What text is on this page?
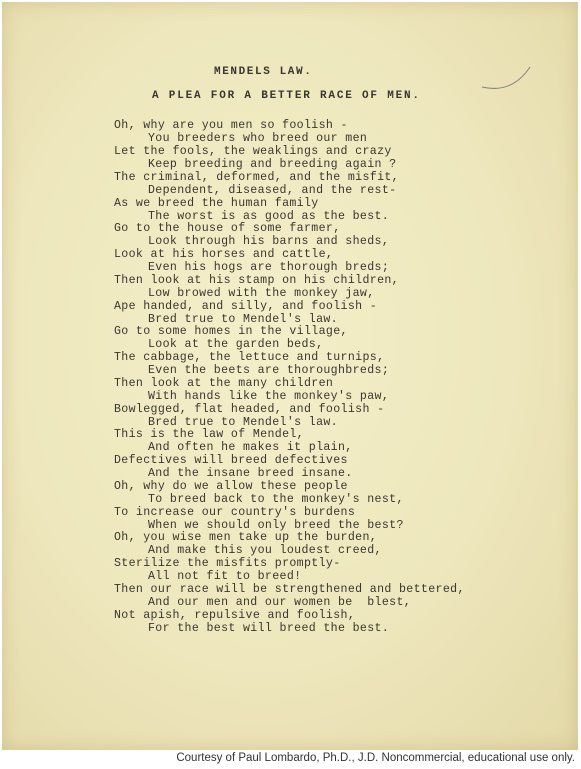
MENDELS LAW.
A PLEA FOR A BETTER RACE OF MEN.
Oh, why are you men so foolish -
You breeders who breed our men
Let the fools, the weaklings and crazy
Keep breeding and breeding again ?
The criminal, deformed, and the misfit,
Dependent, diseased, and the rest-
As we breed the human family
The worst is as good as the best.
Go to the house of some farmer,
Look through his barns and sheds,
Look at his horses and cattle,
Even his hogs are thorough breds;
Then look at his stamp on his children,
Low browed with the monkey jaw,
Ape handed, and silly, and foolish -
Bred true to Mendel's law.
Go to some homes in the village,
Look at the garden beds,
The cabbage, the lettuce and turnips,
Even the beets are thoroughbreds;
Then look at the many children
With hands like the monkey's paw,
Bowlegged, flat headed, and foolish -
Bred true to Mendel's law.
This is the law of Mendel,
And often he makes it plain,
Defectives will breed defectives
And the insane breed insane.
Oh, why do we allow these people
To breed back to the monkey's nest,
To increase our country's burdens
When we should only breed the best?
Oh, you wise men take up the burden,
And make this you loudest creed,
Sterilize the misfits promptly-
All not fit to breed!
Then our race will be strengthened and bettered,
And our men and our women be  blest,
Not apish, repulsive and foolish,
For the best will breed the best.
Courtesy of Paul Lombardo, Ph.D., J.D. Noncommercial, educational use only.
